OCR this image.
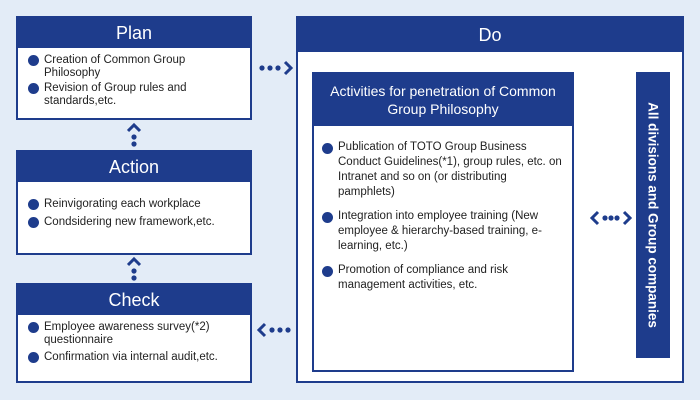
Plan
Creation of Common Group Philosophy
Revision of Group rules and standards,etc.
Action
Reinvigorating each workplace
Condsidering new framework,etc.
Check
Employee awareness survey(*2) questionnaire
Confirmation via internal audit,etc.
Do
Activities for penetration of Common Group Philosophy
Publication of TOTO Group Business Conduct Guidelines(*1), group rules, etc. on Intranet and so on (or distributing pamphlets)
Integration into employee training (New employee & hierarchy-based training, e-learning, etc.)
Promotion of compliance and risk management activities, etc.	All divisions and Group companies
